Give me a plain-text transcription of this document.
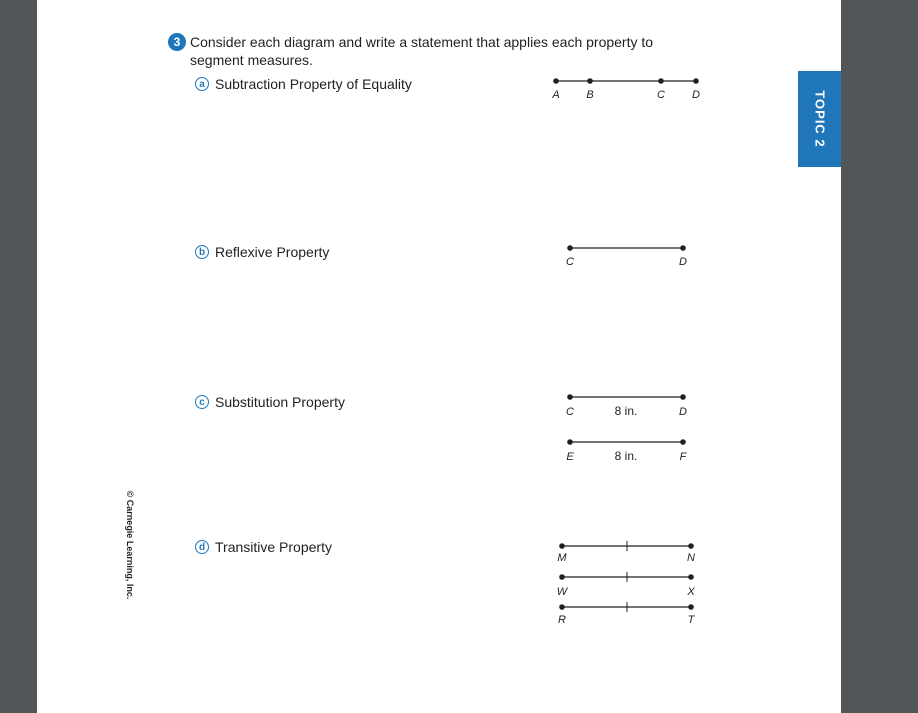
3 Consider each diagram and write a statement that applies each property to
segment measures.
a Subtraction Property of Equality
b Reflexive Property
c Substitution Property
d Transitive Property
A B	C D
C	D
C	8 in.	D
E	8 in.	F
M	N
W	X
R	T
TOPIC 2
© Carnegie Learning, Inc.
